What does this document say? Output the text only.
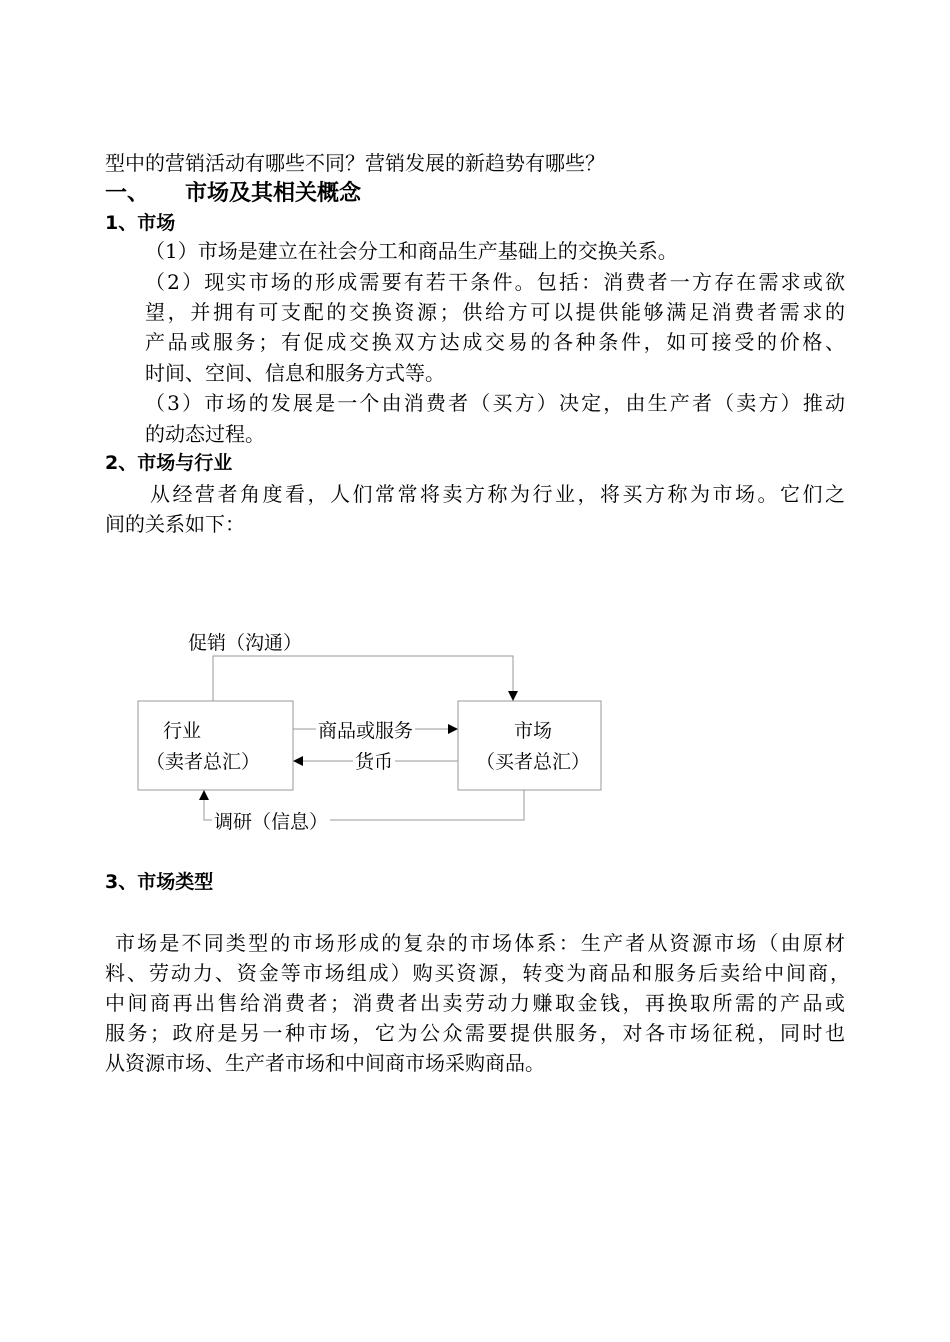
型中的营销活动有哪些不同？营销发展的新趋势有哪些？
一、 市场及其相关概念
1、市场
（1）市场是建立在社会分工和商品生产基础上的交换关系。
（2）现实市场的形成需要有若干条件。包括：消费者一方存在需求或欲
望，并拥有可支配的交换资源；供给方可以提供能够满足消费者需求的
产品或服务；有促成交换双方达成交易的各种条件，如可接受的价格、
时间、空间、信息和服务方式等。
（3）市场的发展是一个由消费者（买方）决定，由生产者（卖方）推动
的动态过程。
2、市场与行业
从经营者角度看，人们常常将卖方称为行业，将买方称为市场。它们之
间的关系如下：
促销（沟通）
行业
（卖者总汇）
市场
（买者总汇）
商品或服务
货币
调研（信息）
3、市场类型
市场是不同类型的市场形成的复杂的市场体系：生产者从资源市场（由原材
料、劳动力、资金等市场组成）购买资源，转变为商品和服务后卖给中间商，
中间商再出售给消费者；消费者出卖劳动力赚取金钱，再换取所需的产品或
服务；政府是另一种市场，它为公众需要提供服务，对各市场征税，同时也
从资源市场、生产者市场和中间商市场采购商品。
